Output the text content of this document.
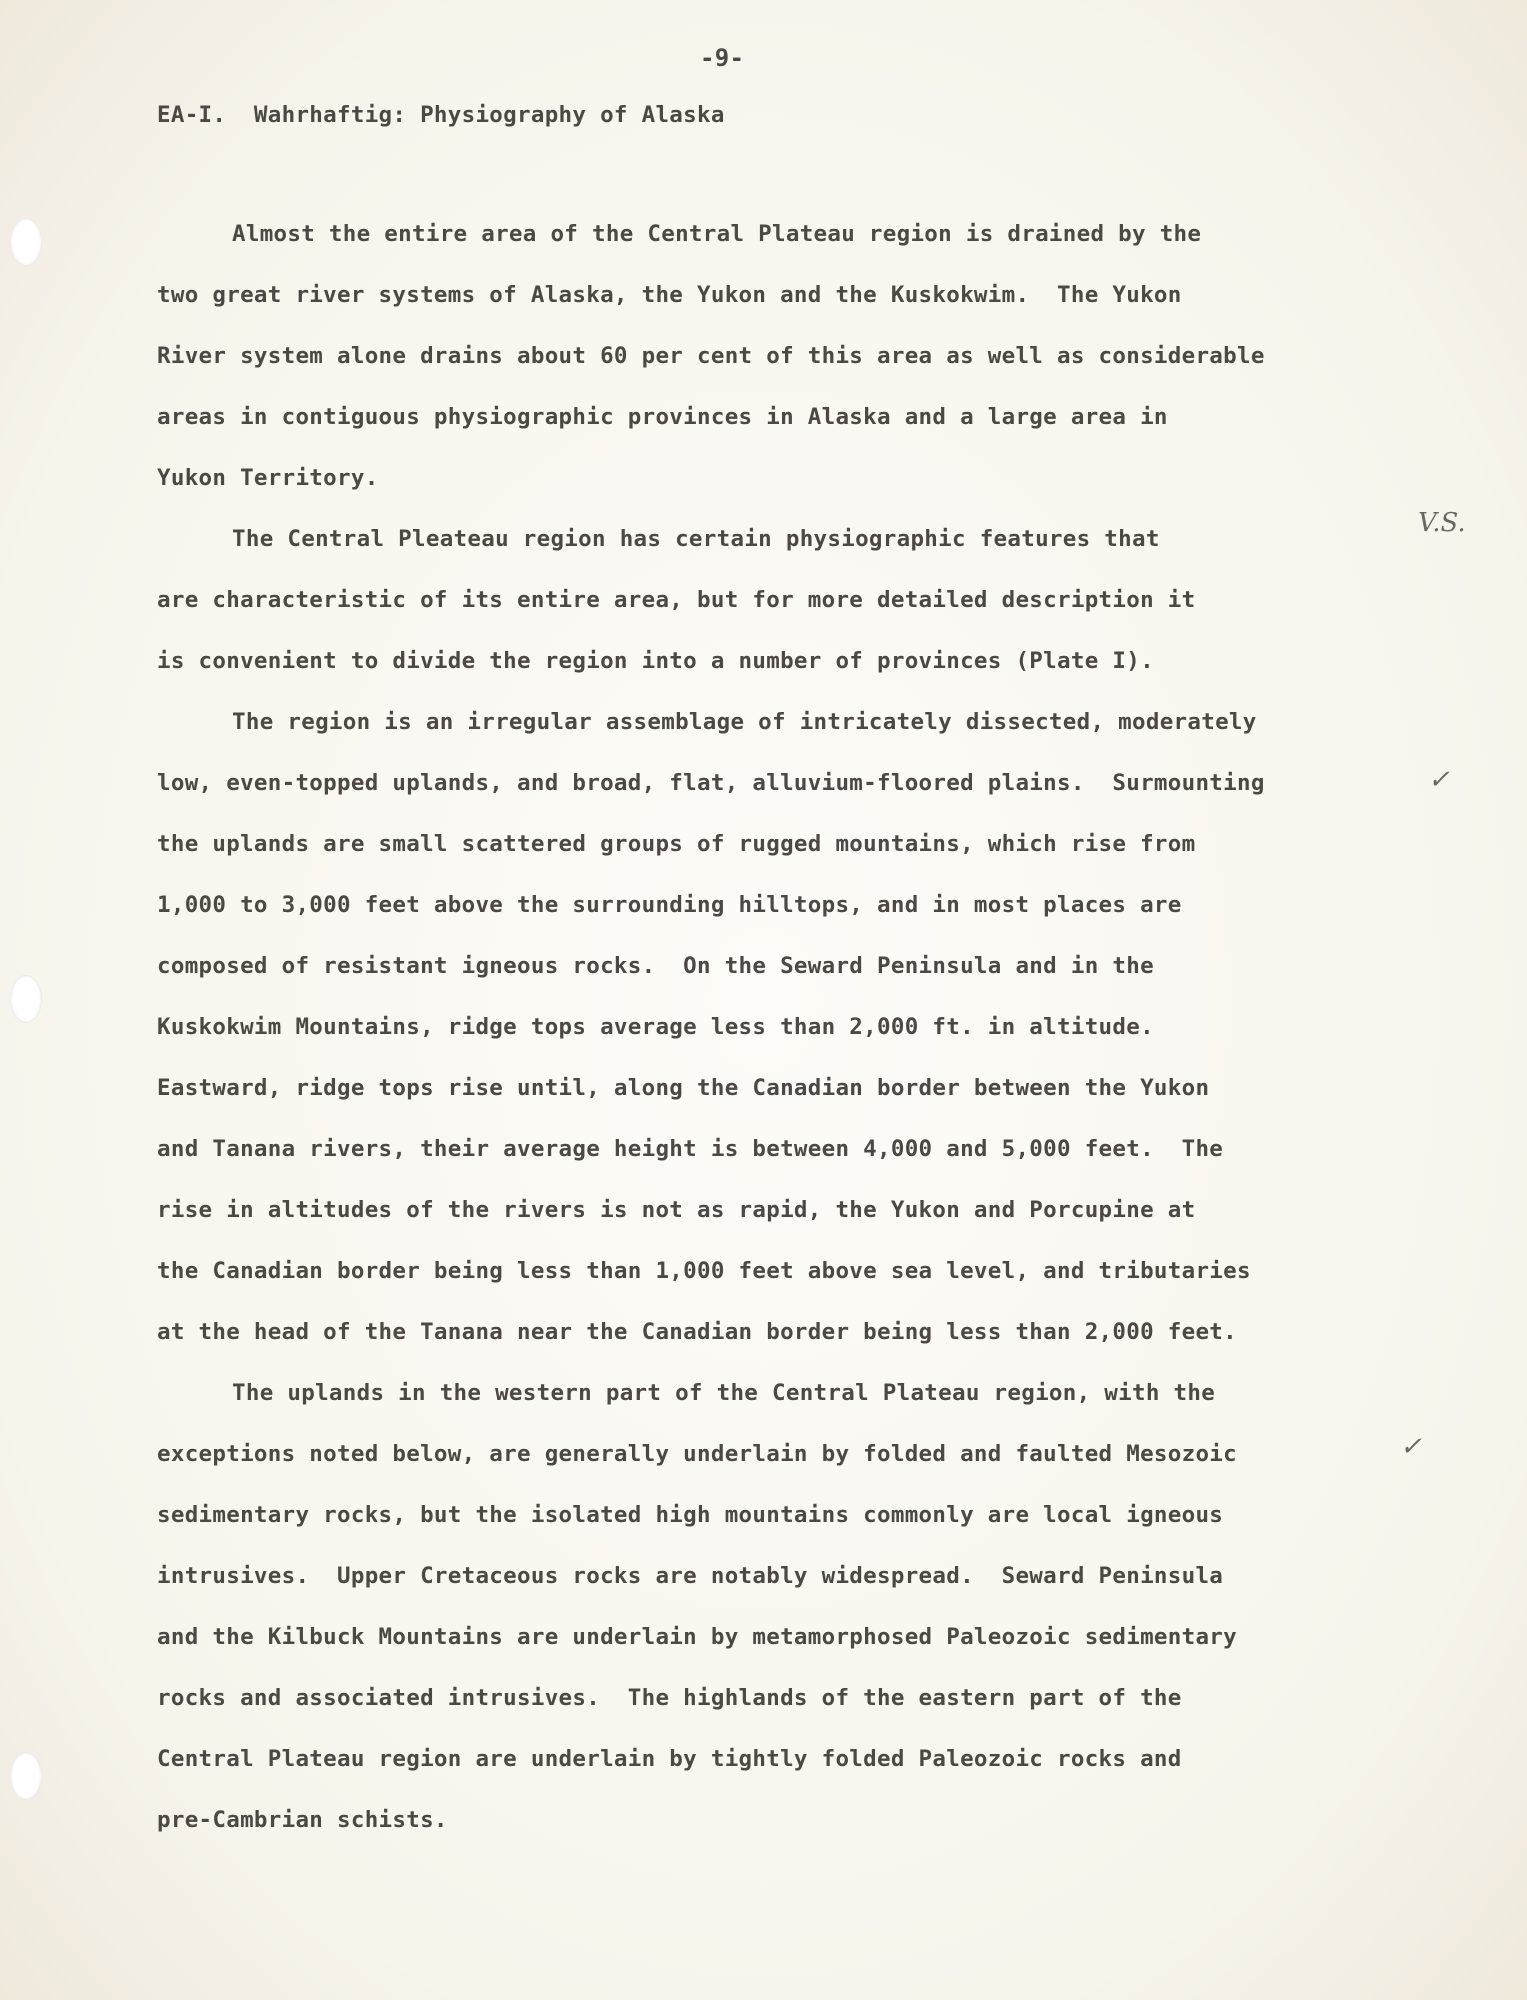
-9-
EA-I.  Wahrhaftig: Physiography of Alaska
Almost the entire area of the Central Plateau region is drained by the
two great river systems of Alaska, the Yukon and the Kuskokwim.  The Yukon
River system alone drains about 60 per cent of this area as well as considerable
areas in contiguous physiographic provinces in Alaska and a large area in
Yukon Territory.
The Central Pleateau region has certain physiographic features that
are characteristic of its entire area, but for more detailed description it
is convenient to divide the region into a number of provinces (Plate I).
The region is an irregular assemblage of intricately dissected, moderately
low, even-topped uplands, and broad, flat, alluvium-floored plains.  Surmounting
the uplands are small scattered groups of rugged mountains, which rise from
1,000 to 3,000 feet above the surrounding hilltops, and in most places are
composed of resistant igneous rocks.  On the Seward Peninsula and in the
Kuskokwim Mountains, ridge tops average less than 2,000 ft. in altitude.
Eastward, ridge tops rise until, along the Canadian border between the Yukon
and Tanana rivers, their average height is between 4,000 and 5,000 feet.  The
rise in altitudes of the rivers is not as rapid, the Yukon and Porcupine at
the Canadian border being less than 1,000 feet above sea level, and tributaries
at the head of the Tanana near the Canadian border being less than 2,000 feet.
The uplands in the western part of the Central Plateau region, with the
exceptions noted below, are generally underlain by folded and faulted Mesozoic
sedimentary rocks, but the isolated high mountains commonly are local igneous
intrusives.  Upper Cretaceous rocks are notably widespread.  Seward Peninsula
and the Kilbuck Mountains are underlain by metamorphosed Paleozoic sedimentary
rocks and associated intrusives.  The highlands of the eastern part of the
Central Plateau region are underlain by tightly folded Paleozoic rocks and
pre-Cambrian schists.
V.S.
✓
✓
